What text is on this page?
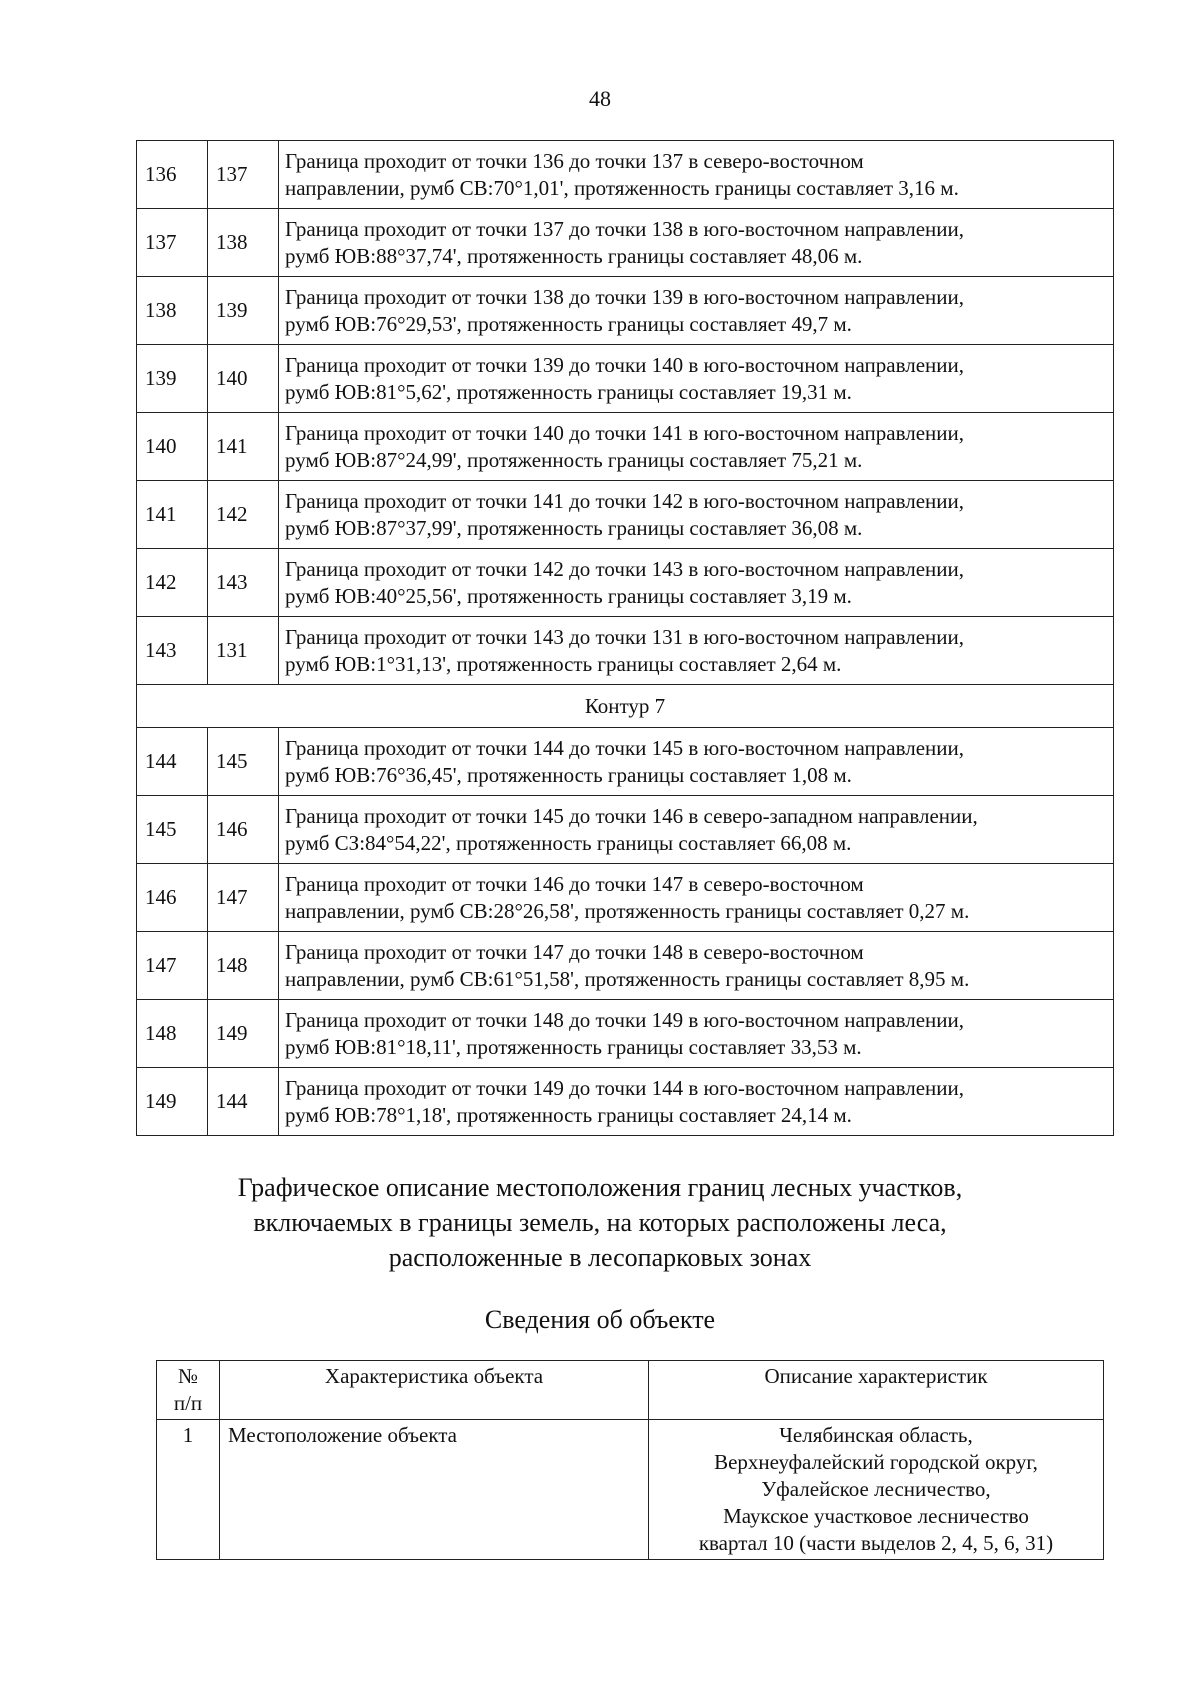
48
136	137	Граница проходит от точки 136 до точки 137 в северо-восточном
направлении, румб СВ:70°1,01', протяженность границы составляет 3,16 м.

137	138	Граница проходит от точки 137 до точки 138 в юго-восточном направлении,
румб ЮВ:88°37,74', протяженность границы составляет 48,06 м.

138	139	Граница проходит от точки 138 до точки 139 в юго-восточном направлении,
румб ЮВ:76°29,53', протяженность границы составляет 49,7 м.

139	140	Граница проходит от точки 139 до точки 140 в юго-восточном направлении,
румб ЮВ:81°5,62', протяженность границы составляет 19,31 м.

140	141	Граница проходит от точки 140 до точки 141 в юго-восточном направлении,
румб ЮВ:87°24,99', протяженность границы составляет 75,21 м.

141	142	Граница проходит от точки 141 до точки 142 в юго-восточном направлении,
румб ЮВ:87°37,99', протяженность границы составляет 36,08 м.

142	143	Граница проходит от точки 142 до точки 143 в юго-восточном направлении,
румб ЮВ:40°25,56', протяженность границы составляет 3,19 м.

143	131	Граница проходит от точки 143 до точки 131 в юго-восточном направлении,
румб ЮВ:1°31,13', протяженность границы составляет 2,64 м.

Контур 7		
144	145	Граница проходит от точки 144 до точки 145 в юго-восточном направлении,
румб ЮВ:76°36,45', протяженность границы составляет 1,08 м.

145	146	Граница проходит от точки 145 до точки 146 в северо-западном направлении,
румб СЗ:84°54,22', протяженность границы составляет 66,08 м.

146	147	Граница проходит от точки 146 до точки 147 в северо-восточном
направлении, румб СВ:28°26,58', протяженность границы составляет 0,27 м.

147	148	Граница проходит от точки 147 до точки 148 в северо-восточном
направлении, румб СВ:61°51,58', протяженность границы составляет 8,95 м.

148	149	Граница проходит от точки 148 до точки 149 в юго-восточном направлении,
румб ЮВ:81°18,11', протяженность границы составляет 33,53 м.

149	144	Граница проходит от точки 149 до точки 144 в юго-восточном направлении,
румб ЮВ:78°1,18', протяженность границы составляет 24,14 м.
Графическое описание местоположения границ лесных участков,
включаемых в границы земель, на которых расположены леса,
расположенные в лесопарковых зонах
Сведения об объекте
№
п/п	Характеристика объекта	Описание характеристик
1	Местоположение объекта	Челябинская область,
Верхнеуфалейский городской округ,
Уфалейское лесничество,
Маукское участковое лесничество
квартал 10 (части выделов 2, 4, 5, 6, 31)
